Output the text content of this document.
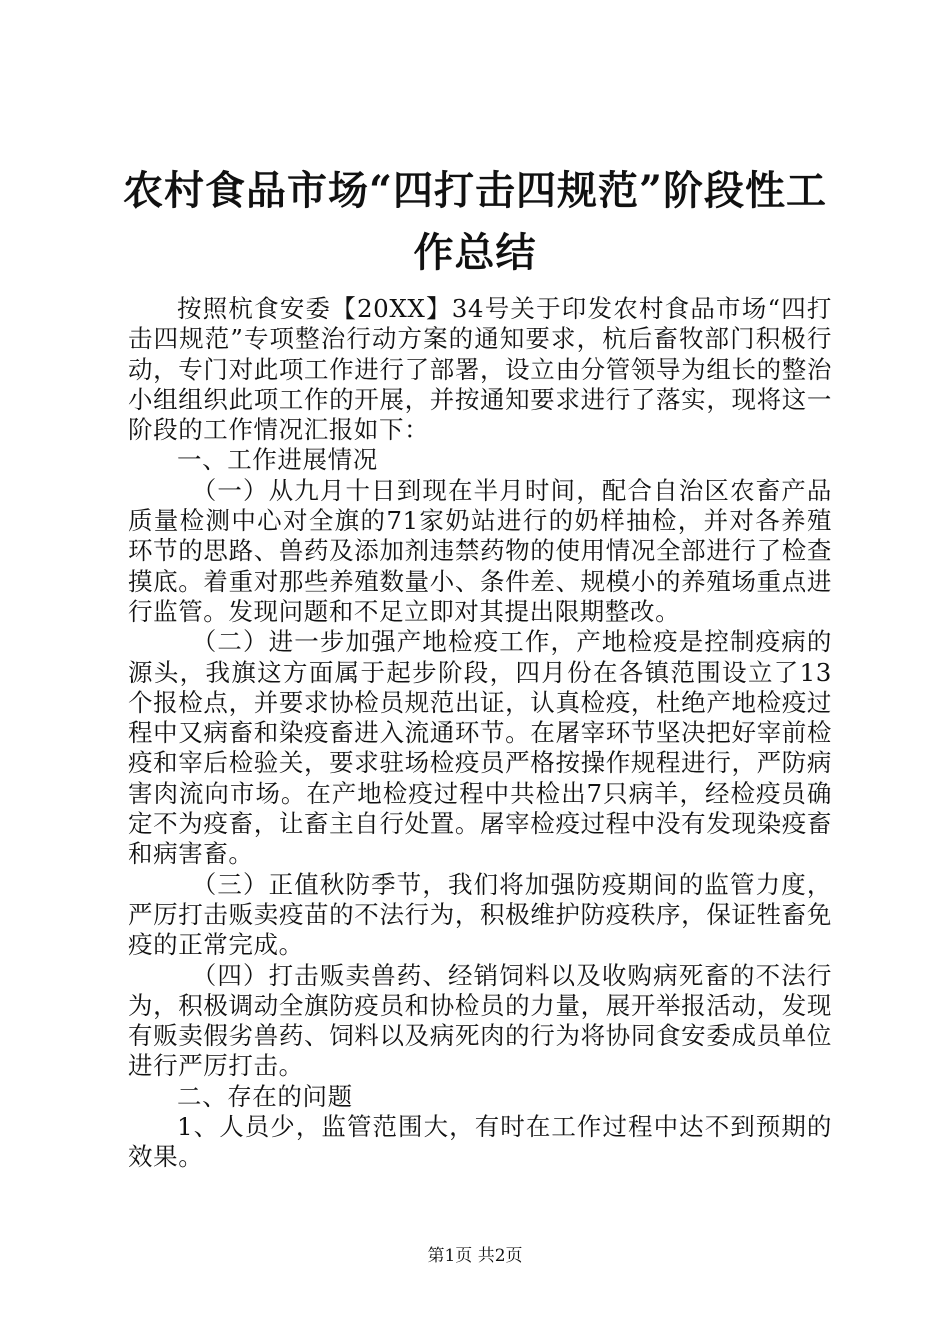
农村食品市场“四打击四规范”阶段性工作总结

按照杭食安委【20XX】34号关于印发农村食品市场“四打击四规范”专项整治行动方案的通知要求，杭后畜牧部门积极行动，专门对此项工作进行了部署，设立由分管领导为组长的整治小组组织此项工作的开展，并按通知要求进行了落实，现将这一阶段的工作情况汇报如下：

一、工作进展情况

（一）从九月十日到现在半月时间，配合自治区农畜产品质量检测中心对全旗的71家奶站进行的奶样抽检，并对各养殖环节的思路、兽药及添加剂违禁药物的使用情况全部进行了检查摸底。着重对那些养殖数量小、条件差、规模小的养殖场重点进行监管。发现问题和不足立即对其提出限期整改。

（二）进一步加强产地检疫工作，产地检疫是控制疫病的源头，我旗这方面属于起步阶段，四月份在各镇范围设立了13个报检点，并要求协检员规范出证，认真检疫，杜绝产地检疫过程中又病畜和染疫畜进入流通环节。在屠宰环节坚决把好宰前检疫和宰后检验关，要求驻场检疫员严格按操作规程进行，严防病害肉流向市场。在产地检疫过程中共检出7只病羊，经检疫员确定不为疫畜，让畜主自行处置。屠宰检疫过程中没有发现染疫畜和病害畜。

（三）正值秋防季节，我们将加强防疫期间的监管力度，严厉打击贩卖疫苗的不法行为，积极维护防疫秩序，保证牲畜免疫的正常完成。

（四）打击贩卖兽药、经销饲料以及收购病死畜的不法行为，积极调动全旗防疫员和协检员的力量，展开举报活动，发现有贩卖假劣兽药、饲料以及病死肉的行为将协同食安委成员单位进行严厉打击。

二、存在的问题

1、人员少，监管范围大，有时在工作过程中达不到预期的效果。

第1页 共2页
